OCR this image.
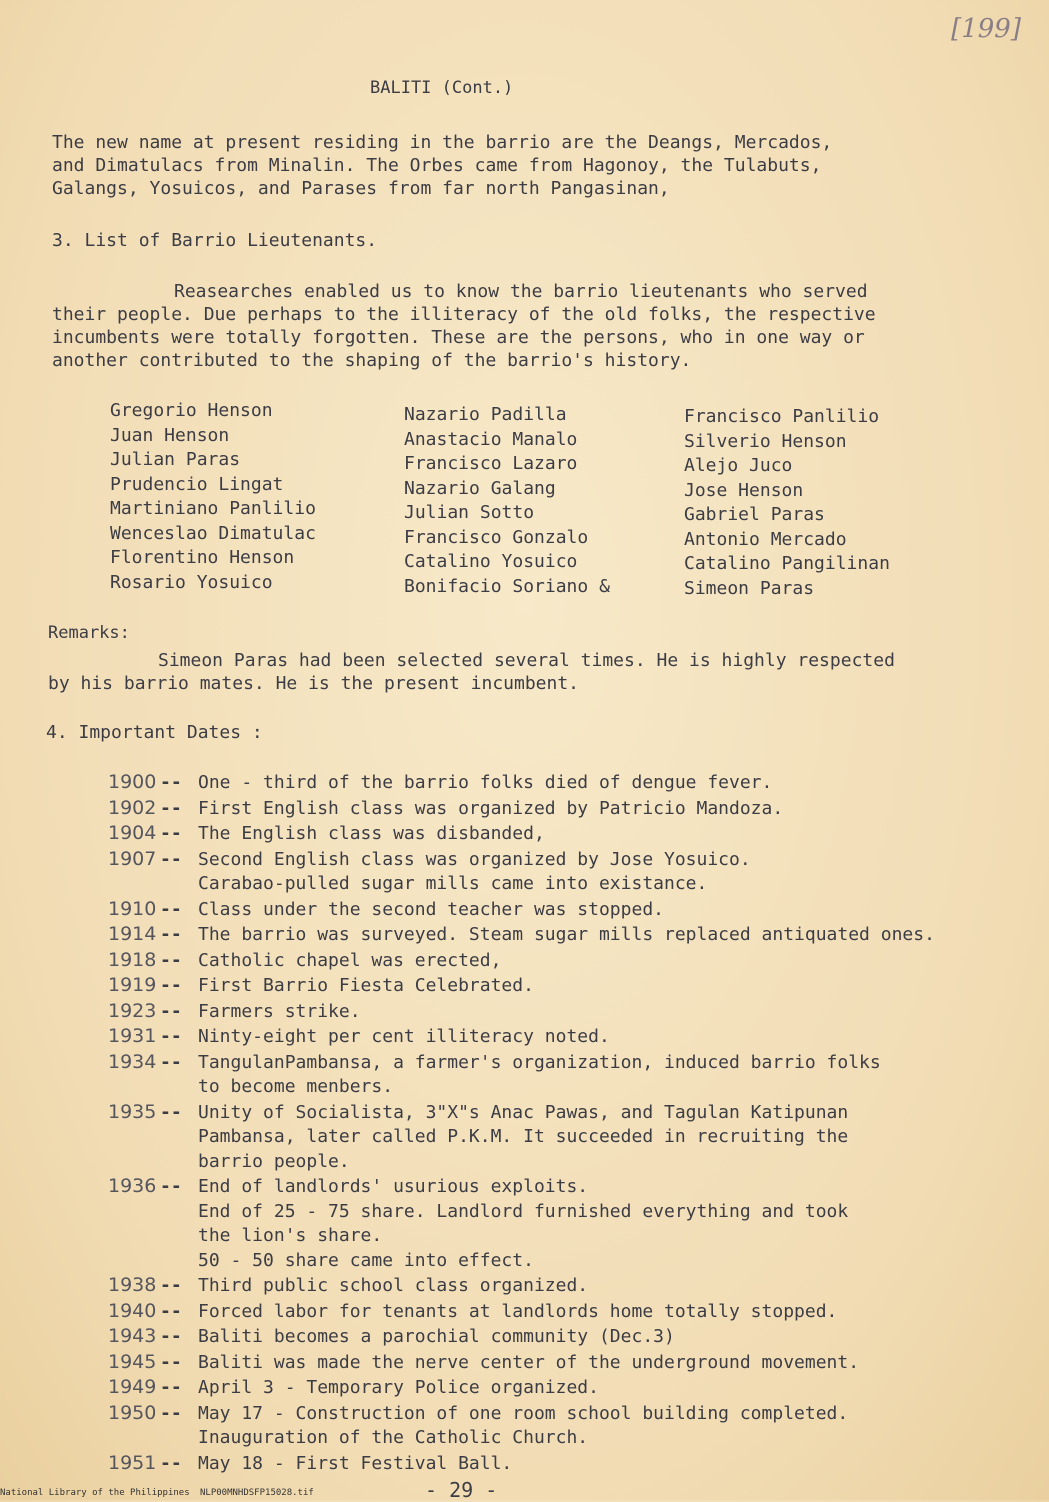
[199]
BALITI (Cont.)
The new name at present residing in the barrio are the Deangs, Mercados,
and Dimatulacs from Minalin. The Orbes came from Hagonoy, the Tulabuts,
Galangs, Yosuicos, and Parases from far north Pangasinan,
3. List of Barrio Lieutenants.
Reasearches enabled us to know the barrio lieutenants who served
their people. Due perhaps to the illiteracy of the old folks, the respective
incumbents were totally forgotten. These are the persons, who in one way or
another contributed to the shaping of the barrio's history.
Gregorio Henson
Juan Henson
Julian Paras
Prudencio Lingat
Martiniano Panlilio
Wenceslao Dimatulac
Florentino Henson
Rosario Yosuico
Nazario Padilla
Anastacio Manalo
Francisco Lazaro
Nazario Galang
Julian Sotto
Francisco Gonzalo
Catalino Yosuico
Bonifacio Soriano &
Francisco Panlilio
Silverio Henson
Alejo Juco
Jose Henson
Gabriel Paras
Antonio Mercado
Catalino Pangilinan
Simeon Paras
Remarks:
Simeon Paras had been selected several times. He is highly respected
by his barrio mates. He is the present incumbent.
4. Important Dates :
1900 -- One - third of the barrio folks died of dengue fever.
1902 -- First English class was organized by Patricio Mandoza.
1904 -- The English class was disbanded,
1907 -- Second English class was organized by Jose Yosuico.
Carabao-pulled sugar mills came into existance.
1910 -- Class under the second teacher was stopped.
1914 -- The barrio was surveyed. Steam sugar mills replaced antiquated ones.
1918 -- Catholic chapel was erected,
1919 -- First Barrio Fiesta Celebrated.
1923 -- Farmers strike.
1931 -- Ninty-eight per cent illiteracy noted.
1934 -- TangulanPambansa, a farmer's organization, induced barrio folks
to become menbers.
1935 -- Unity of Socialista, 3"X"s Anac Pawas, and Tagulan Katipunan
Pambansa, later called P.K.M. It succeeded in recruiting the
barrio people.
1936 -- End of landlords' usurious exploits.
End of 25 - 75 share. Landlord furnished everything and took
the lion's share.
50 - 50 share came into effect.
1938 -- Third public school class organized.
1940 -- Forced labor for tenants at landlords home totally stopped.
1943 -- Baliti becomes a parochial community (Dec.3)
1945 -- Baliti was made the nerve center of the underground movement.
1949 -- April 3 - Temporary Police organized.
1950 -- May 17 - Construction of one room school building completed.
Inauguration of the Catholic Church.
1951 -- May 18 - First Festival Ball.
- 29 -
National Library of the Philippines NLP00MNHDSFP15028.tif
